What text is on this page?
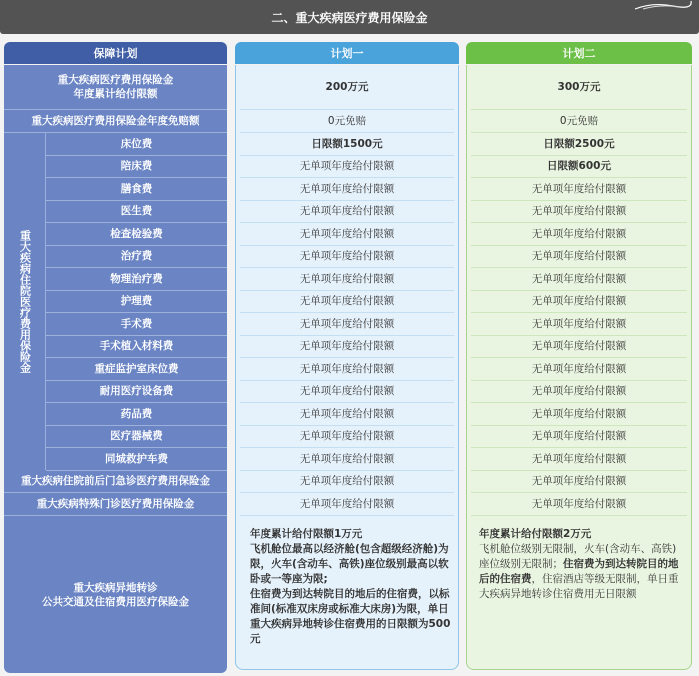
二、重大疾病医疗费用保险金
保障计划	计划一	计划二
重大疾病住院医疗费用保险金
重大疾病医疗费用保险金
年度累计给付限额
重大疾病医疗费用保险金年度免赔额
床位费
陪床费
膳食费
医生费
检查检验费
治疗费
物理治疗费
护理费
手术费
手术植入材料费
重症监护室床位费
耐用医疗设备费
药品费
医疗器械费
同城救护车费
重大疾病住院前后门急诊医疗费用保险金
重大疾病特殊门诊医疗费用保险金
重大疾病异地转诊
公共交通及住宿费用医疗保险金
200万元
0元免赔
日限额1500元
无单项年度给付限额
无单项年度给付限额
无单项年度给付限额
无单项年度给付限额
无单项年度给付限额
无单项年度给付限额
无单项年度给付限额
无单项年度给付限额
无单项年度给付限额
无单项年度给付限额
无单项年度给付限额
无单项年度给付限额
无单项年度给付限额
无单项年度给付限额
无单项年度给付限额
无单项年度给付限额
年度累计给付限额1万元
飞机舱位最高以经济舱(包含超级经济舱)为限，火车(含动车、高铁)座位级别最高以软卧或一等座为限;
住宿费为到达转院目的地后的住宿费，以标准间(标准双床房或标准大床房)为限，单日重大疾病异地转诊住宿费用的日限额为500元
300万元
0元免赔
日限额2500元
日限额600元
无单项年度给付限额
无单项年度给付限额
无单项年度给付限额
无单项年度给付限额
无单项年度给付限额
无单项年度给付限额
无单项年度给付限额
无单项年度给付限额
无单项年度给付限额
无单项年度给付限额
无单项年度给付限额
无单项年度给付限额
无单项年度给付限额
无单项年度给付限额
无单项年度给付限额
年度累计给付限额2万元
飞机舱位级别无限制，火车(含动车、高铁)座位级别无限制；住宿费为到达转院目的地后的住宿费，住宿酒店等级无限制，单日重大疾病异地转诊住宿费用无日限额
